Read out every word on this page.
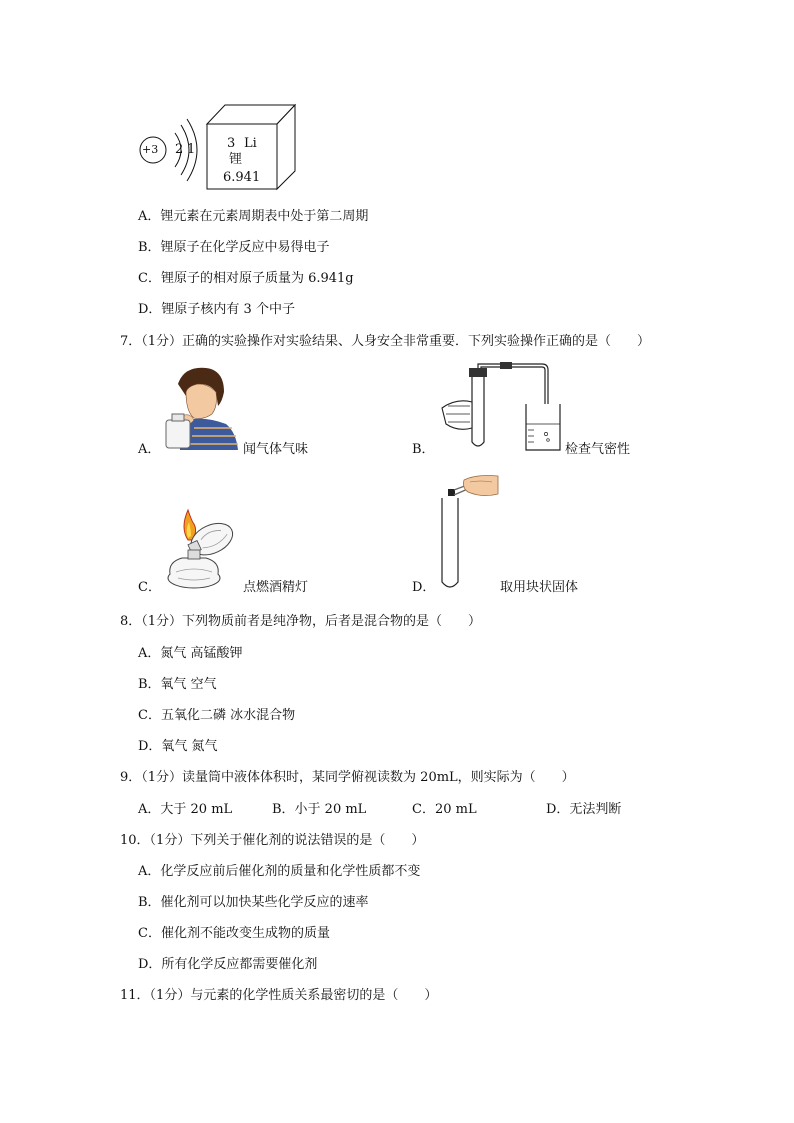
+3 2 1 3 Li
锂
6.941
A．锂元素在元素周期表中处于第二周期
B．锂原子在化学反应中易得电子
C．锂原子的相对原子质量为 6.941g
D．锂原子核内有 3 个中子
7．（1分）正确的实验操作对实验结果、人身安全非常重要．下列实验操作正确的是（　　）
A．	闻气体气味	B．	检查气密性
C．	点燃酒精灯	D．	取用块状固体
8．（1分）下列物质前者是纯净物，后者是混合物的是（　　）
A．氮气 高锰酸钾
B．氧气 空气
C．五氧化二磷 冰水混合物
D．氧气 氮气
9．（1分）读量筒中液体体积时，某同学俯视读数为 20mL，则实际为（　　）
A．大于 20 mL	B．小于 20 mL	C．20 mL	D．无法判断
10．（1分）下列关于催化剂的说法错误的是（　　）
A．化学反应前后催化剂的质量和化学性质都不变
B．催化剂可以加快某些化学反应的速率
C．催化剂不能改变生成物的质量
D．所有化学反应都需要催化剂
11．（1分）与元素的化学性质关系最密切的是（　　）
